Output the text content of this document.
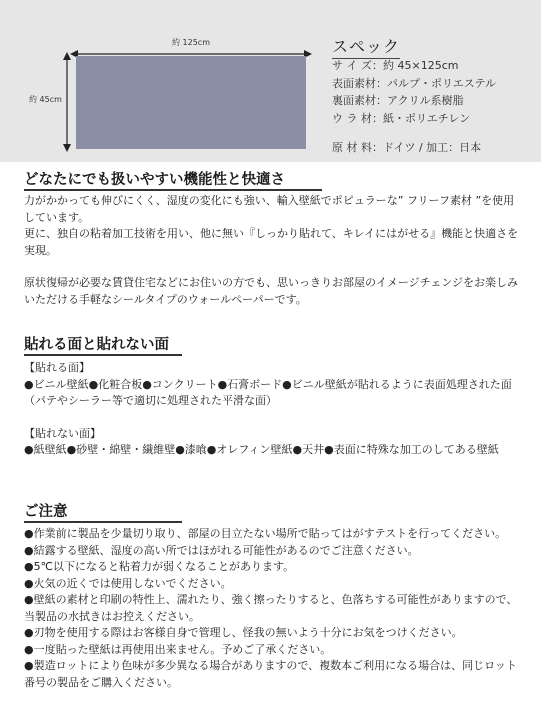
約 125cm
約 45cm
スペック
サ イ ズ：約 45×125cm
表面素材：パルプ・ポリエステル
裏面素材：アクリル系樹脂
ウ ラ 材：紙・ポリエチレン
原 材 料：ドイツ / 加工：日本
どなたにでも扱いやすい機能性と快適さ

力がかかっても伸びにくく、湿度の変化にも強い、輸入壁紙でポピュラーな” フリーフ素材 ”を使用しています。

更に、独自の粘着加工技術を用い、他に無い『しっかり貼れて、キレイにはがせる』機能と快適さを実現。

原状復帰が必要な賃貸住宅などにお住いの方でも、思いっきりお部屋のイメージチェンジをお楽しみいただける手軽なシールタイプのウォールペーパーです。

貼れる面と貼れない面

【貼れる面】

●ビニル壁紙●化粧合板●コンクリート●石膏ボード●ビニル壁紙が貼れるように表面処理された面（パテやシーラー等で適切に処理された平滑な面）

【貼れない面】

●紙壁紙●砂壁・綿壁・繊維壁●漆喰●オレフィン壁紙●天井●表面に特殊な加工のしてある壁紙

ご注意

●作業前に製品を少量切り取り、部屋の目立たない場所で貼ってはがすテストを行ってください。

●結露する壁紙、湿度の高い所ではほがれる可能性があるのでご注意ください。

●5℃以下になると粘着力が弱くなることがあります。

●火気の近くでは使用しないでください。

●壁紙の素材と印刷の特性上、濡れたり、強く擦ったりすると、色落ちする可能性がありますので、当製品の水拭きはお控えください。

●刃物を使用する際はお客様自身で管理し、怪我の無いよう十分にお気をつけください。

●一度貼った壁紙は再使用出来ません。予めご了承ください。

●製造ロットにより色味が多少異なる場合がありますので、複数本ご利用になる場合は、同じロット番号の製品をご購入ください。
